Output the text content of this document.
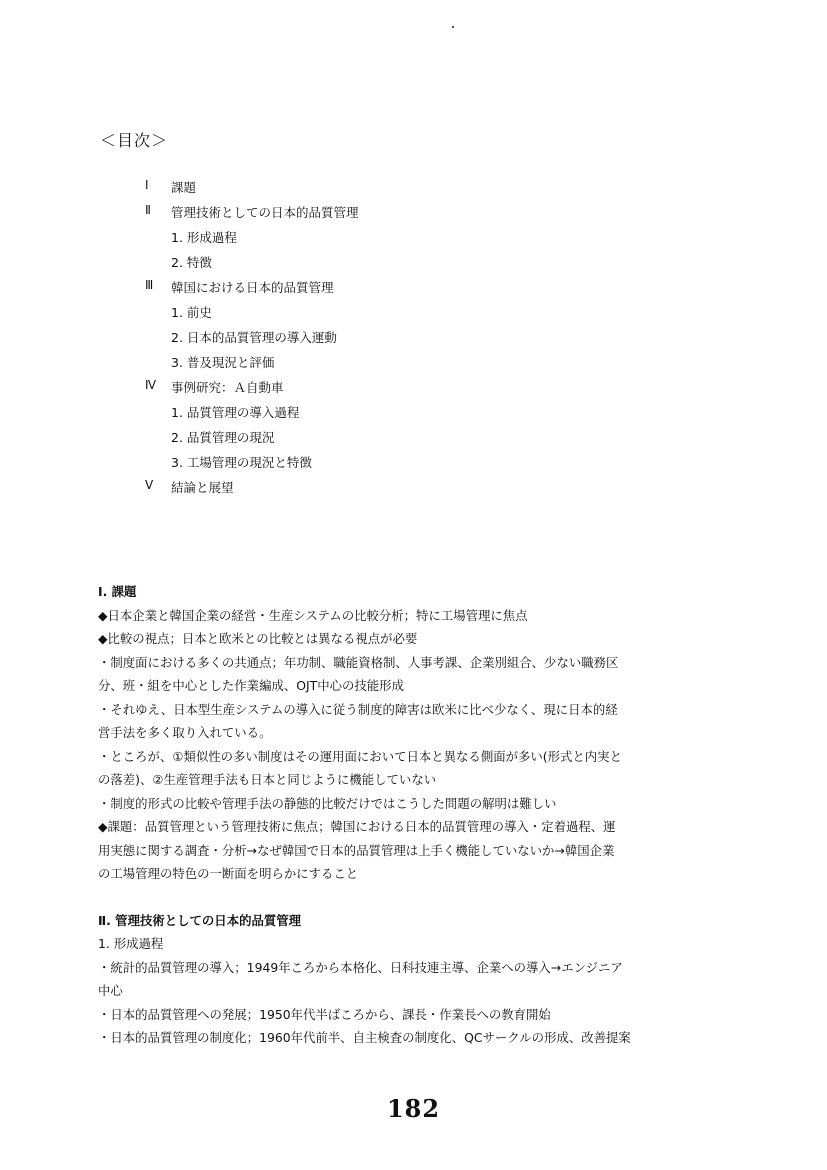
＜目次＞
Ⅰ	課題
Ⅱ	管理技術としての日本的品質管理
1. 形成過程
2. 特徴
Ⅲ	韓国における日本的品質管理
1. 前史
2. 日本的品質管理の導入運動
3. 普及現況と評価
Ⅳ	事例研究：Ａ自動車
1. 品質管理の導入過程
2. 品質管理の現況
3. 工場管理の現況と特徴
Ⅴ	結論と展望
Ⅰ. 課題
◆日本企業と韓国企業の経営・生産システムの比較分析；特に工場管理に焦点
◆比較の視点；日本と欧米との比較とは異なる視点が必要
・制度面における多くの共通点；年功制、職能資格制、人事考課、企業別組合、少ない職務区
分、班・組を中心とした作業編成、OJT中心の技能形成
・それゆえ、日本型生産システムの導入に従う制度的障害は欧米に比べ少なく、現に日本的経
営手法を多く取り入れている。
・ところが、①類似性の多い制度はその運用面において日本と異なる側面が多い(形式と内実と
の落差)、②生産管理手法も日本と同じように機能していない
・制度的形式の比較や管理手法の静態的比較だけではこうした問題の解明は難しい
◆課題：品質管理という管理技術に焦点；韓国における日本的品質管理の導入・定着過程、運
用実態に関する調査・分析→なぜ韓国で日本的品質管理は上手く機能していないか→韓国企業
の工場管理の特色の一断面を明らかにすること
Ⅱ. 管理技術としての日本的品質管理
1. 形成過程
・統計的品質管理の導入；1949年ころから本格化、日科技連主導、企業への導入→エンジニア
中心
・日本的品質管理への発展；1950年代半ばころから、課長・作業長への教育開始
・日本的品質管理の制度化；1960年代前半、自主検査の制度化、QCサークルの形成、改善提案
182
